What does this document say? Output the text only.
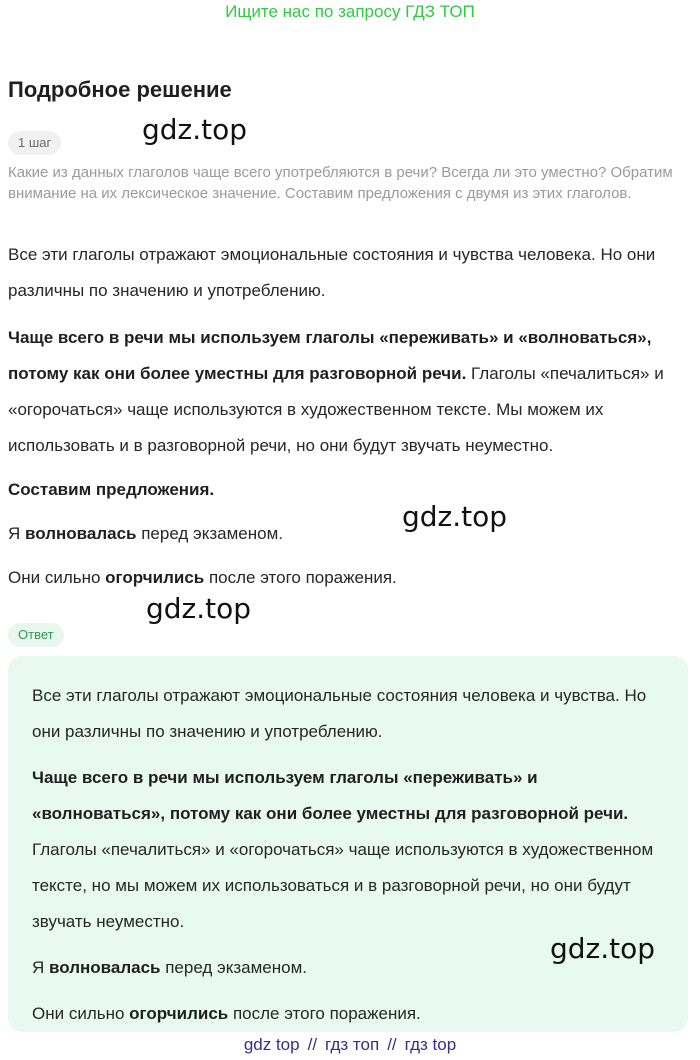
Ищите нас по запросу ГДЗ ТОП
Подробное решение
1 шаг	gdz.top

Какие из данных глаголов чаще всего употребляются в речи? Всегда ли это уместно? Обратим внимание на их лексическое значение. Составим предложения с двумя из этих глаголов.

Все эти глаголы отражают эмоциональные состояния и чувства человека. Но они различны по значению и употреблению.

Чаще всего в речи мы используем глаголы «переживать» и «волноваться», потому как они более уместны для разговорной речи. Глаголы «печалиться» и «огорочаться» чаще используются в художественном тексте. Мы можем их использовать и в разговорной речи, но они будут звучать неуместно.

Составим предложения.

Я волновалась перед экзаменом.

Они сильно огорчились после этого поражения.

gdz.top
gdz.top
Ответ

Все эти глаголы отражают эмоциональные состояния человека и чувства. Но они различны по значению и употреблению.

Чаще всего в речи мы используем глаголы «переживать» и «волноваться», потому как они более уместны для разговорной речи. Глаголы «печалиться» и «огорочаться» чаще используются в художественном тексте, но мы можем их использоваться и в разговорной речи, но они будут звучать неуместно.

Я волновалась перед экзаменом.

Они сильно огорчились после этого поражения.

gdz.top
gdz top // гдз топ // гдз top
